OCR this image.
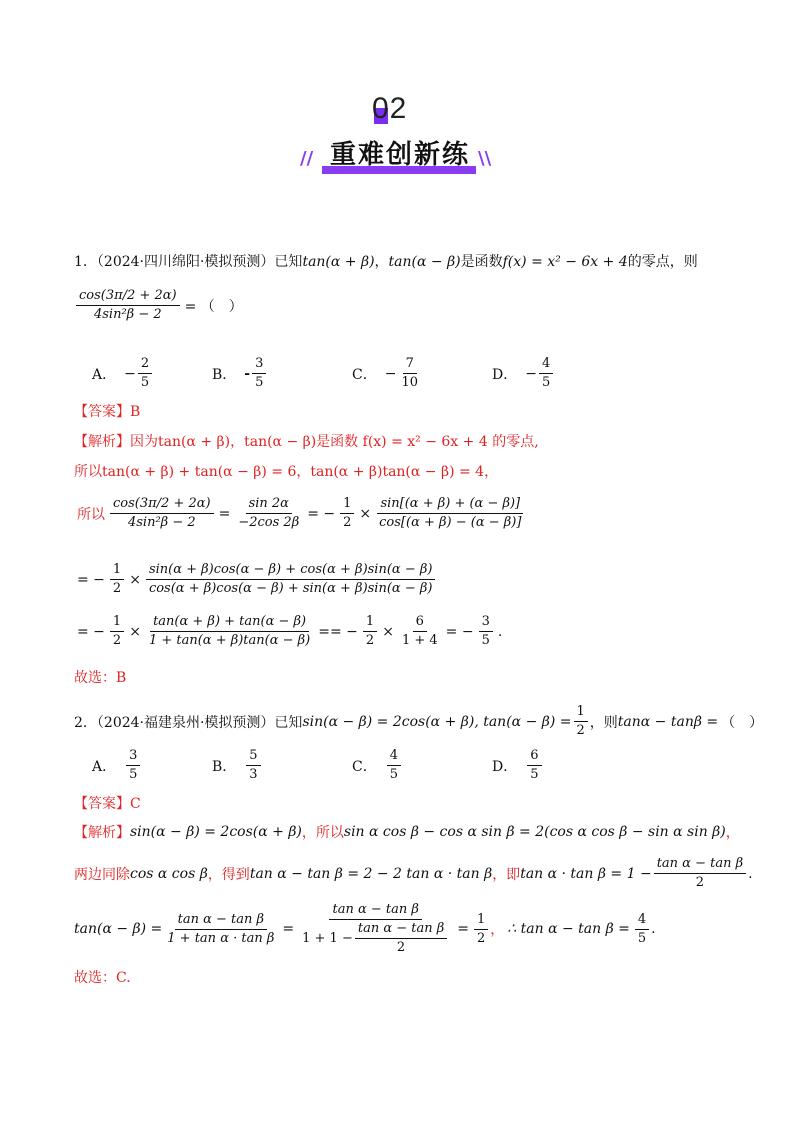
02
// 重难创新练 \\
1．（2024·四川绵阳·模拟预测）已知tan(α + β)，tan(α − β)是函数f(x) = x² − 6x + 4的零点，则
$\frac{\cos(3\pi/2 + 2\alpha)}{\text{4sin²β − 2}}$ = （　）
A． − $\frac{2}{5}$	B． - $\frac{3}{5}$	C． − $\frac{7}{10}$	D． − $\frac{4}{5}$
【答案】B
【解析】因为tan(α + β)，tan(α − β)是函数 f(x) = x² − 6x + 4 的零点,
所以tan(α + β) + tan(α − β) = 6，tan(α + β)tan(α − β) = 4，
所以 $\frac{\cos(3\pi/2 + 2\alpha)}{\text{4sin²β − 2}} = \frac{\sin 2\alpha}{-2\cos 2\beta}$ = − $\frac{1}{2} \times \frac{\sin[(\alpha + \beta) + (\alpha - \beta)]}{\cos[(\alpha + \beta) - (\alpha - \beta)]}$
= − $\frac{1}{2} \times \frac{\sin(\alpha + \beta)\cos(\alpha - \beta) + \cos(\alpha + \beta)\sin(\alpha - \beta)}{\cos(\alpha + \beta)\cos(\alpha - \beta) + \sin(\alpha + \beta)\sin(\alpha - \beta)}$
= − $\frac{1}{2} \times \frac{\tan(\alpha + \beta) + \tan(\alpha - \beta)}{1 + \tan(\alpha + \beta)\tan(\alpha - \beta)}$ == − $\frac{1}{2} \times \frac{6}{1 + 4}$ = − $\frac{3}{5}$ .
故选：B
2．（2024·福建泉州·模拟预测）已知 sin(α − β) = 2cos(α + β), $\tan(\alpha - \beta) = \frac{1}{2}$ ，则 tanα − tanβ = （　）
A． $\frac{3}{5}$	B． $\frac{5}{3}$	C． $\frac{4}{5}$	D． $\frac{6}{5}$
【答案】C
【解析】 sin(α − β) = 2cos(α + β) ，所以 sin α cos β − cos α sin β = 2(cos α cos β − sin α sin β) ，
两边同除 cos α cos β ，得到 tan α − tan β = 2 − 2 tan α · tan β ，即 $\tan \alpha \cdot \tan \beta = 1 - \frac{\text{tan α − tan β}}{2}$ .
$\tan(\alpha - \beta) = \frac{\text{tan α − tan β}}{\text{1 + tan α · tan β}} = \frac{\text{tan α − tan β}}{1 + 1 - \frac{\text{tan α − tan β}}{2}} = \frac{1}{2}$ ， ∴ $\tan \alpha - \tan \beta = \frac{4}{5}$ .
故选：C.
